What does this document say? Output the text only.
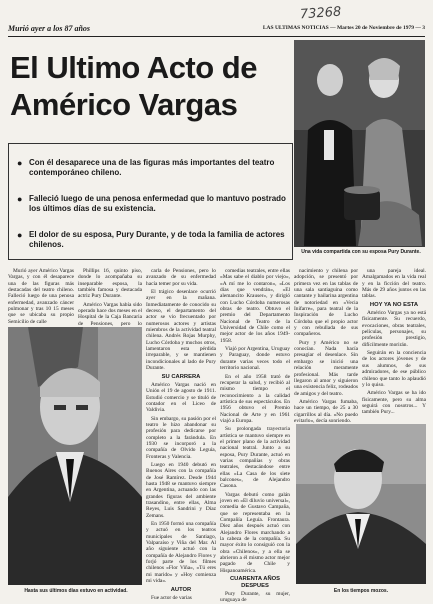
73268
Murió ayer a los 87 años	LAS ULTIMAS NOTICIAS — Martes 20 de Noviembre de 1979 — 3
El Ultimo Acto de
Américo Vargas
Una vida compartida con su esposa Pury Durante.
● Con él desaparece una de las figuras más importantes del teatro contemporáneo chileno.
● Falleció luego de una penosa enfermedad que lo mantuvo postrado los últimos días de su existencia.
● El dolor de su esposa, Pury Durante, y de toda la familia de actores chilenos.

Murió ayer Américo Vargas Vargas, y con él desaparece una de las figuras más destacadas del teatro chileno. Falleció luego de una penosa enfermedad, avanzado cáncer pulmonar y tras 10 15 meses que se ubicaba su propio Semicilio de calle

Phillips 16, quinto piso, donde lo acompañaba su inseparable esposa, la también famosa y destacada actriz Pury Durante.

Américo Vargas había sido operado hace dos meses en el Hospital de la Caja Bancaria de Pensiones, pero lo

Hasta sus últimos días estuvo en actividad.

carla de Pensiones, pero lo avanzado de su enfermedad hacía temer por su vida.

El trágico desenlace ocurrió ayer en la mañana. Inmediatamente de conocido su deceso, el departamento del actor se vio frecuentado por numerosos actores y artistas miembros de la actividad teatral chilena. Andrés Rojas Murphy, Lucho Córdoba y muchos otros, lamentaron esta pérdida irreparable, y se mantienen incondicionales al lado de Pury Durante.

SU CARRERA

Américo Vargas nació en Unión el 19 de agosto de 1911. Estudió comercio y se tituló de contador en el Liceo de Valdivia.

Sin embargo, su pasión por el teatro le hizo abandonar su profesión para dedicarse por completo a la farándula. En 1930 se incorporó a la compañía de Olvido Leguía, Fronteras y Valencia.

Luego en 1940 debutó en Buenos Aires con la compañía de José Ramírez. Desde 1944 hasta 1948 se mantuvo siempre en Argentina, actuando con las grandes figuras del ambiente trasandino, entre ellas, Alma Reyes, Luis Sandrini y Díaz Zemans.

En 1950 formó una compañía y actuó en los teatros municipales de Santiago, Valparaíso y Viña del Mar. Al año siguiente actuó con la compañía de Alejandro Flores y forjó parte de los filmes chilenos «Flor Viña», «Tú eres mi marido» y «Hoy comienza mi vida».

AUTOR

Fue actor de varias

comedias teatrales, entre ellas «Mas sabe el diablo por viejo», «A mí me lo contaron», «Los días que vendrán», «El alemancito Krauser», y dirigió con Lucho Córdoba numerosas obras de teatro. Obtuvo el premio del Departamento Nacional de Teatro de la Universidad de Chile como el mejor actor de los años 1949-1958.

Viajó por Argentina, Uruguay y Paraguay, donde estuvo durante varias veces todo el territorio nacional.

En el año 1958 trató de recuperar la salud, y recibió al mismo tiempo el reconocimiento a la calidad artística de sus espectáculos. En 1956 obtuvo el Premio Nacional de Arte y en 1961 viajó a Europa.

Su prolongada trayectoria artística se mantuvo siempre en el primer plano de la actividad nacional teatral. Junto a su esposa, Pury Durante, actuó en varias compañías y obras teatrales, destacándose entre ellas «La Casa de los siete balcones», de Alejandro Casona.

Vargas debutó como galán joven en «El diluvio universal», comedia de Gustavo Campaña, que se representaba en la Compañía Leguía. Frontaura. Diez años después actuó con Alejandro Flores marchando a la cabeza de la compañía. Su mayor éxito lo consiguió con la obra «Chilenos», y a ella se abrieron a él mismo actor mejor pagado de Chile y Hispanoamérica.

CUARENTA AÑOS DESPUES

Pury Durante, su mujer, uruguaya de

nacimiento y chilena por adopción, se presentó por primera vez en las tablas de una sala santiaguina como cantante y bailarina argentina de notoriedad en «Vecia Inifarre», para teatral de la Inspiración de Lucho Córdoba que el propio actor y con rebullada de sus compañeros.

Pury y Américo no se conocían. Nada hacía presagiar el desenlace. Sin embargo se inició una relación meramente profesional. Más tarde llegaron al amor y siguieron una existencia feliz, rodeados de amigos y del teatro.

Américo Vargas fumaba, hace un tiempo, de 25 a 30 cigarrillos al día. «No puedo evitarlo», decía sonriendo.

una pareja ideal. Amalgamados en la vida real y en la ficción del teatro. Más de 29 años juntos en las tablas.

HOY YA NO ESTA

Américo Vargas ya no está físicamente. Su recuerdo, evocaciones, obras teatrales, películas, personajes, su profesión prestigio, difícilmente morirán.

Seguirán en la conciencia de los actores jóvenes y de sus alumnos, de sus admiradores, de ese público chileno que tanto lo aplaudió y lo quiso.

Américo Vargas se ha ido físicamente, pero su alma seguirá con nosotros... Y también Pury...

En los tiempos mozos.
